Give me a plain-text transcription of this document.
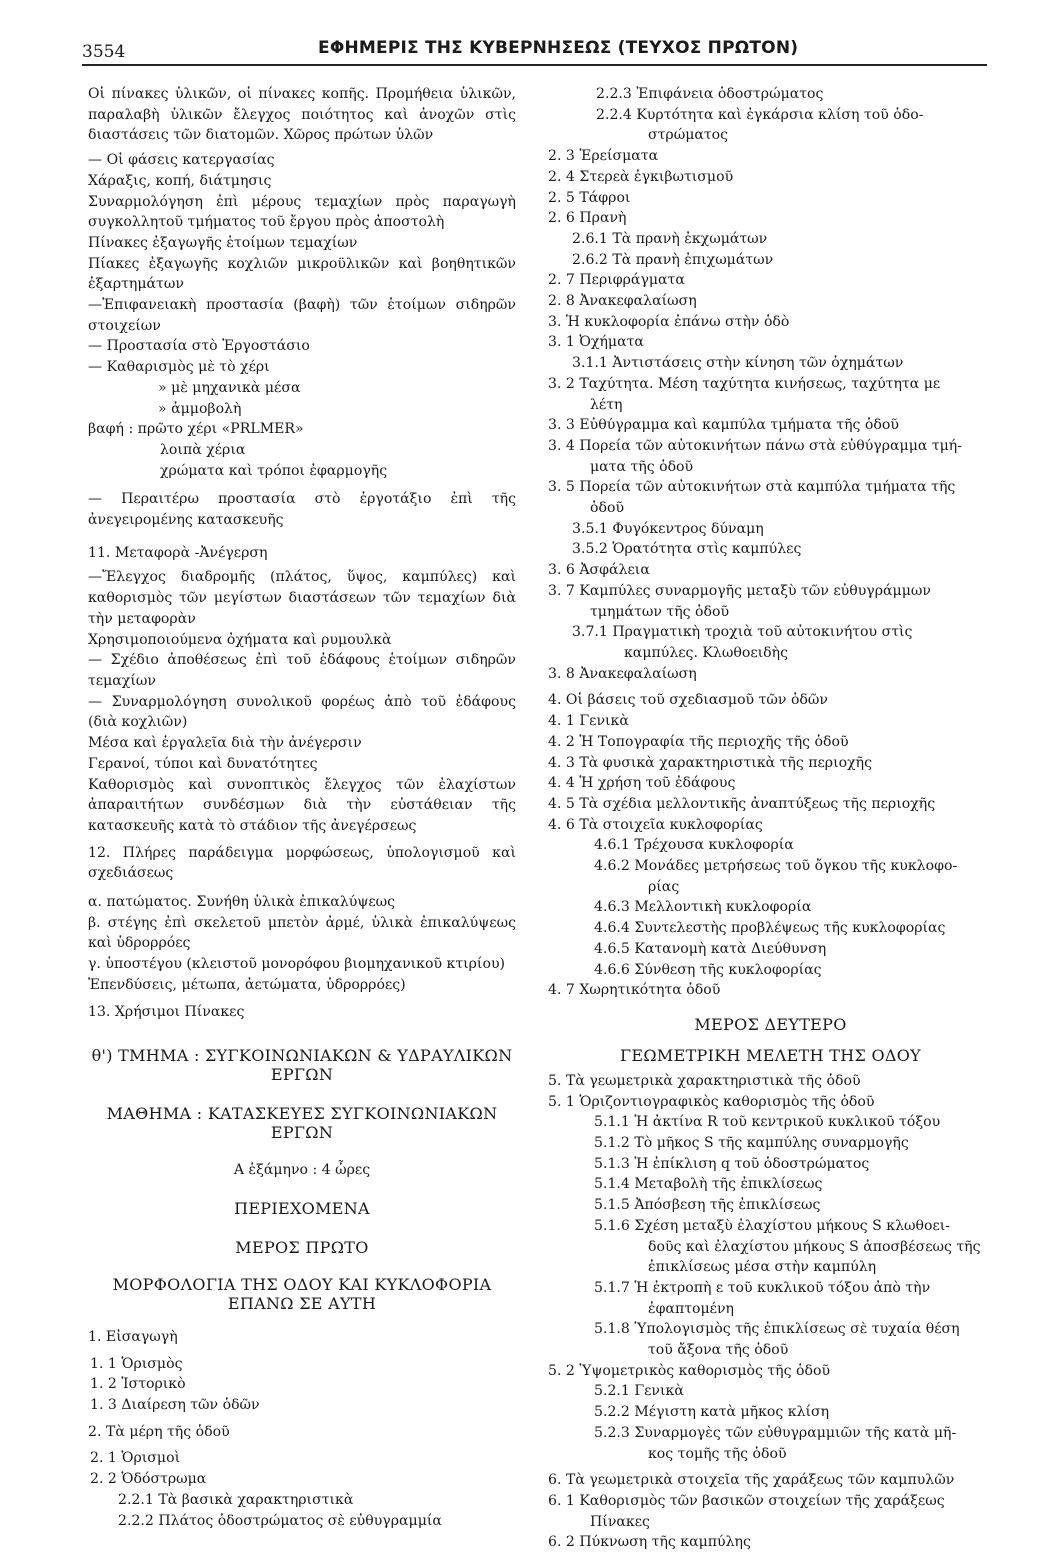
3554	ΕΦΗΜΕΡΙΣ ΤΗΣ ΚΥΒΕΡΝΗΣΕΩΣ (ΤΕΥΧΟΣ ΠΡΩΤΟΝ)
Οἱ πίνακες ὑλικῶν, οἱ πίνακες κοπῆς. Προμήθεια ὑλικῶν, παραλαβὴ ὑλικῶν ἔλεγχος ποιότητος καὶ ἀνοχῶν στὶς διαστάσεις τῶν διατομῶν. Χῶρος πρώτων ὑλῶν
— Οἱ φάσεις κατεργασίας
Χάραξις, κοπή, διάτμησις
Συναρμολόγηση ἐπὶ μέρους τεμαχίων πρὸς παραγωγὴ συγκολλητοῦ τμήματος τοῦ ἔργου πρὸς ἀποστολὴ
Πίνακες ἐξαγωγῆς ἑτοίμων τεμαχίων
Πίακες ἐξαγωγῆς κοχλιῶν μικροϋλικῶν καὶ βοηθητικῶν ἐξαρτημάτων
—Ἐπιφανειακὴ προστασία (βαφὴ) τῶν ἑτοίμων σιδηρῶν στοιχείων
— Προστασία στὸ Ἐργοστάσιο
— Καθαρισμὸς μὲ τὸ χέρι
» μὲ μηχανικὰ μέσα
» ἀμμοβολὴ
βαφή : πρῶτο χέρι «PRLMER»
λοιπὰ χέρια
χρώματα καὶ τρόποι ἐφαρμογῆς
— Περαιτέρω προστασία στὸ ἐργοτάξιο ἐπὶ τῆς ἀνεγειρομένης κατασκευῆς
11. Μεταφορὰ -Ἀνέγερση
—Ἔλεγχος διαδρομῆς (πλάτος, ὕψος, καμπύλες) καὶ καθορισμὸς τῶν μεγίστων διαστάσεων τῶν τεμαχίων διὰ τὴν μεταφορὰν
Χρησιμοποιούμενα ὀχήματα καὶ ρυμουλκὰ
— Σχέδιο ἀποθέσεως ἐπὶ τοῦ ἐδάφους ἑτοίμων σιδηρῶν τεμαχίων
— Συναρμολόγηση συνολικοῦ φορέως ἀπὸ τοῦ ἐδάφους (διὰ κοχλιῶν)
Μέσα καὶ ἐργαλεῖα διὰ τὴν ἀνέγερσιν
Γερανοί, τύποι καὶ δυνατότητες
Καθορισμὸς καὶ συνοπτικὸς ἔλεγχος τῶν ἐλαχίστων ἀπαραιτήτων συνδέσμων διὰ τὴν εὐστάθειαν τῆς κατασκευῆς κατὰ τὸ στάδιον τῆς ἀνεγέρσεως
12. Πλήρες παράδειγμα μορφώσεως, ὑπολογισμοῦ καὶ σχεδιάσεως
α. πατώματος. Συνήθη ὑλικὰ ἐπικαλύψεως
β. στέγης ἐπὶ σκελετοῦ μπετὸν ἀρμέ, ὑλικὰ ἐπικαλύψεως καὶ ὑδρορρόες
γ. ὑποστέγου (κλειστοῦ μονορόφου βιομηχανικοῦ κτιρίου)
Ἐπενδύσεις, μέτωπα, ἀετώματα, ὑδρορρόες)
13. Χρήσιμοι Πίνακες
θ') ΤΜΗΜΑ : ΣΥΓΚΟΙΝΩΝΙΑΚΩΝ & ΥΔΡΑΥΛΙΚΩΝ ΕΡΓΩΝ
ΜΑΘΗΜΑ : ΚΑΤΑΣΚΕΥΕΣ ΣΥΓΚΟΙΝΩΝΙΑΚΩΝ ΕΡΓΩΝ
Α ἑξάμηνο : 4 ὧρες
ΠΕΡΙΕΧΟΜΕΝΑ
ΜΕΡΟΣ ΠΡΩΤΟ
ΜΟΡΦΟΛΟΓΙΑ ΤΗΣ ΟΔΟΥ ΚΑΙ ΚΥΚΛΟΦΟΡΙΑ ΕΠΑΝΩ ΣΕ ΑΥΤΗ
1. Εἰσαγωγὴ
1. 1 Ὁρισμὸς
1. 2 Ἱστορικὸ
1. 3 Διαίρεση τῶν ὁδῶν
2. Τὰ μέρη τῆς ὁδοῦ
2. 1 Ὁρισμοὶ
2. 2 Ὁδόστρωμα
2.2.1 Τὰ βασικὰ χαρακτηριστικὰ
2.2.2 Πλάτος ὁδοστρώματος σὲ εὐθυγραμμία
2.2.3 Ἐπιφάνεια ὁδοστρώματος
2.2.4 Κυρτότητα καὶ ἐγκάρσια κλίση τοῦ ὁδο-
στρώματος
2. 3 Ἐρείσματα
2. 4 Στερεὰ ἐγκιβωτισμοῦ
2. 5 Τάφροι
2. 6 Πρανὴ
2.6.1 Τὰ πρανὴ ἐκχωμάτων
2.6.2 Τὰ πρανὴ ἐπιχωμάτων
2. 7 Περιφράγματα
2. 8 Ἀνακεφαλαίωση
3. Ἡ κυκλοφορία ἐπάνω στὴν ὁδὸ
3. 1 Ὀχήματα
3.1.1 Ἀντιστάσεις στὴν κίνηση τῶν ὀχημάτων
3. 2 Ταχύτητα. Μέση ταχύτητα κινήσεως, ταχύτητα με
λέτη
3. 3 Εὐθύγραμμα καὶ καμπύλα τμήματα τῆς ὁδοῦ
3. 4 Πορεία τῶν αὐτοκινήτων πάνω στὰ εὐθύγραμμα τμή-
ματα τῆς ὁδοῦ
3. 5 Πορεία τῶν αὐτοκινήτων στὰ καμπύλα τμήματα τῆς
ὁδοῦ
3.5.1 Φυγόκεντρος δύναμη
3.5.2 Ὁρατότητα στὶς καμπύλες
3. 6 Ἀσφάλεια
3. 7 Καμπύλες συναρμογῆς μεταξὺ τῶν εὐθυγράμμων
τμημάτων τῆς ὁδοῦ
3.7.1 Πραγματικὴ τροχιὰ τοῦ αὐτοκινήτου στὶς
καμπύλες. Κλωθοειδὴς
3. 8 Ἀνακεφαλαίωση
4. Οἱ βάσεις τοῦ σχεδιασμοῦ τῶν ὁδῶν
4. 1 Γενικὰ
4. 2 Ἡ Τοπογραφία τῆς περιοχῆς τῆς ὁδοῦ
4. 3 Τὰ φυσικὰ χαρακτηριστικὰ τῆς περιοχῆς
4. 4 Ἡ χρήση τοῦ ἐδάφους
4. 5 Τὰ σχέδια μελλοντικῆς ἀναπτύξεως τῆς περιοχῆς
4. 6 Τὰ στοιχεῖα κυκλοφορίας
4.6.1 Τρέχουσα κυκλοφορία
4.6.2 Μονάδες μετρήσεως τοῦ ὄγκου τῆς κυκλοφο-
ρίας
4.6.3 Μελλοντικὴ κυκλοφορία
4.6.4 Συντελεστὴς προβλέψεως τῆς κυκλοφορίας
4.6.5 Κατανομὴ κατὰ Διεύθυνση
4.6.6 Σύνθεση τῆς κυκλοφορίας
4. 7 Χωρητικότητα ὁδοῦ
ΜΕΡΟΣ ΔΕΥΤΕΡΟ
ΓΕΩΜΕΤΡΙΚΗ ΜΕΛΕΤΗ ΤΗΣ ΟΔΟΥ
5. Τὰ γεωμετρικὰ χαρακτηριστικὰ τῆς ὁδοῦ
5. 1 Ὁριζοντιογραφικὸς καθορισμὸς τῆς ὁδοῦ
5.1.1 Ἡ ἀκτίνα R τοῦ κεντρικοῦ κυκλικοῦ τόξου
5.1.2 Τὸ μῆκος S τῆς καμπύλης συναρμογῆς
5.1.3 Ἡ ἐπίκλιση q τοῦ ὁδοστρώματος
5.1.4 Μεταβολὴ τῆς ἐπικλίσεως
5.1.5 Ἀπόσβεση τῆς ἐπικλίσεως
5.1.6 Σχέση μεταξὺ ἐλαχίστου μήκους S κλωθοει-
δοῦς καὶ ἐλαχίστου μήκους S ἀποσβέσεως τῆς
ἐπικλίσεως μέσα στὴν καμπύλη
5.1.7 Ἡ ἐκτροπὴ ε τοῦ κυκλικοῦ τόξου ἀπὸ τὴν
ἐφαπτομένη
5.1.8 Ὑπολογισμὸς τῆς ἐπικλίσεως σὲ τυχαία θέση
τοῦ ἄξονα τῆς ὁδοῦ
5. 2 Ὑψομετρικὸς καθορισμὸς τῆς ὁδοῦ
5.2.1 Γενικὰ
5.2.2 Μέγιστη κατὰ μῆκος κλίση
5.2.3 Συναρμογὲς τῶν εὐθυγραμμιῶν τῆς κατὰ μῆ-
κος τομῆς τῆς ὁδοῦ
6. Τὰ γεωμετρικὰ στοιχεῖα τῆς χαράξεως τῶν καμπυλῶν
6. 1 Καθορισμὸς τῶν βασικῶν στοιχείων τῆς χαράξεως
Πίνακες
6. 2 Πύκνωση τῆς καμπύλης
